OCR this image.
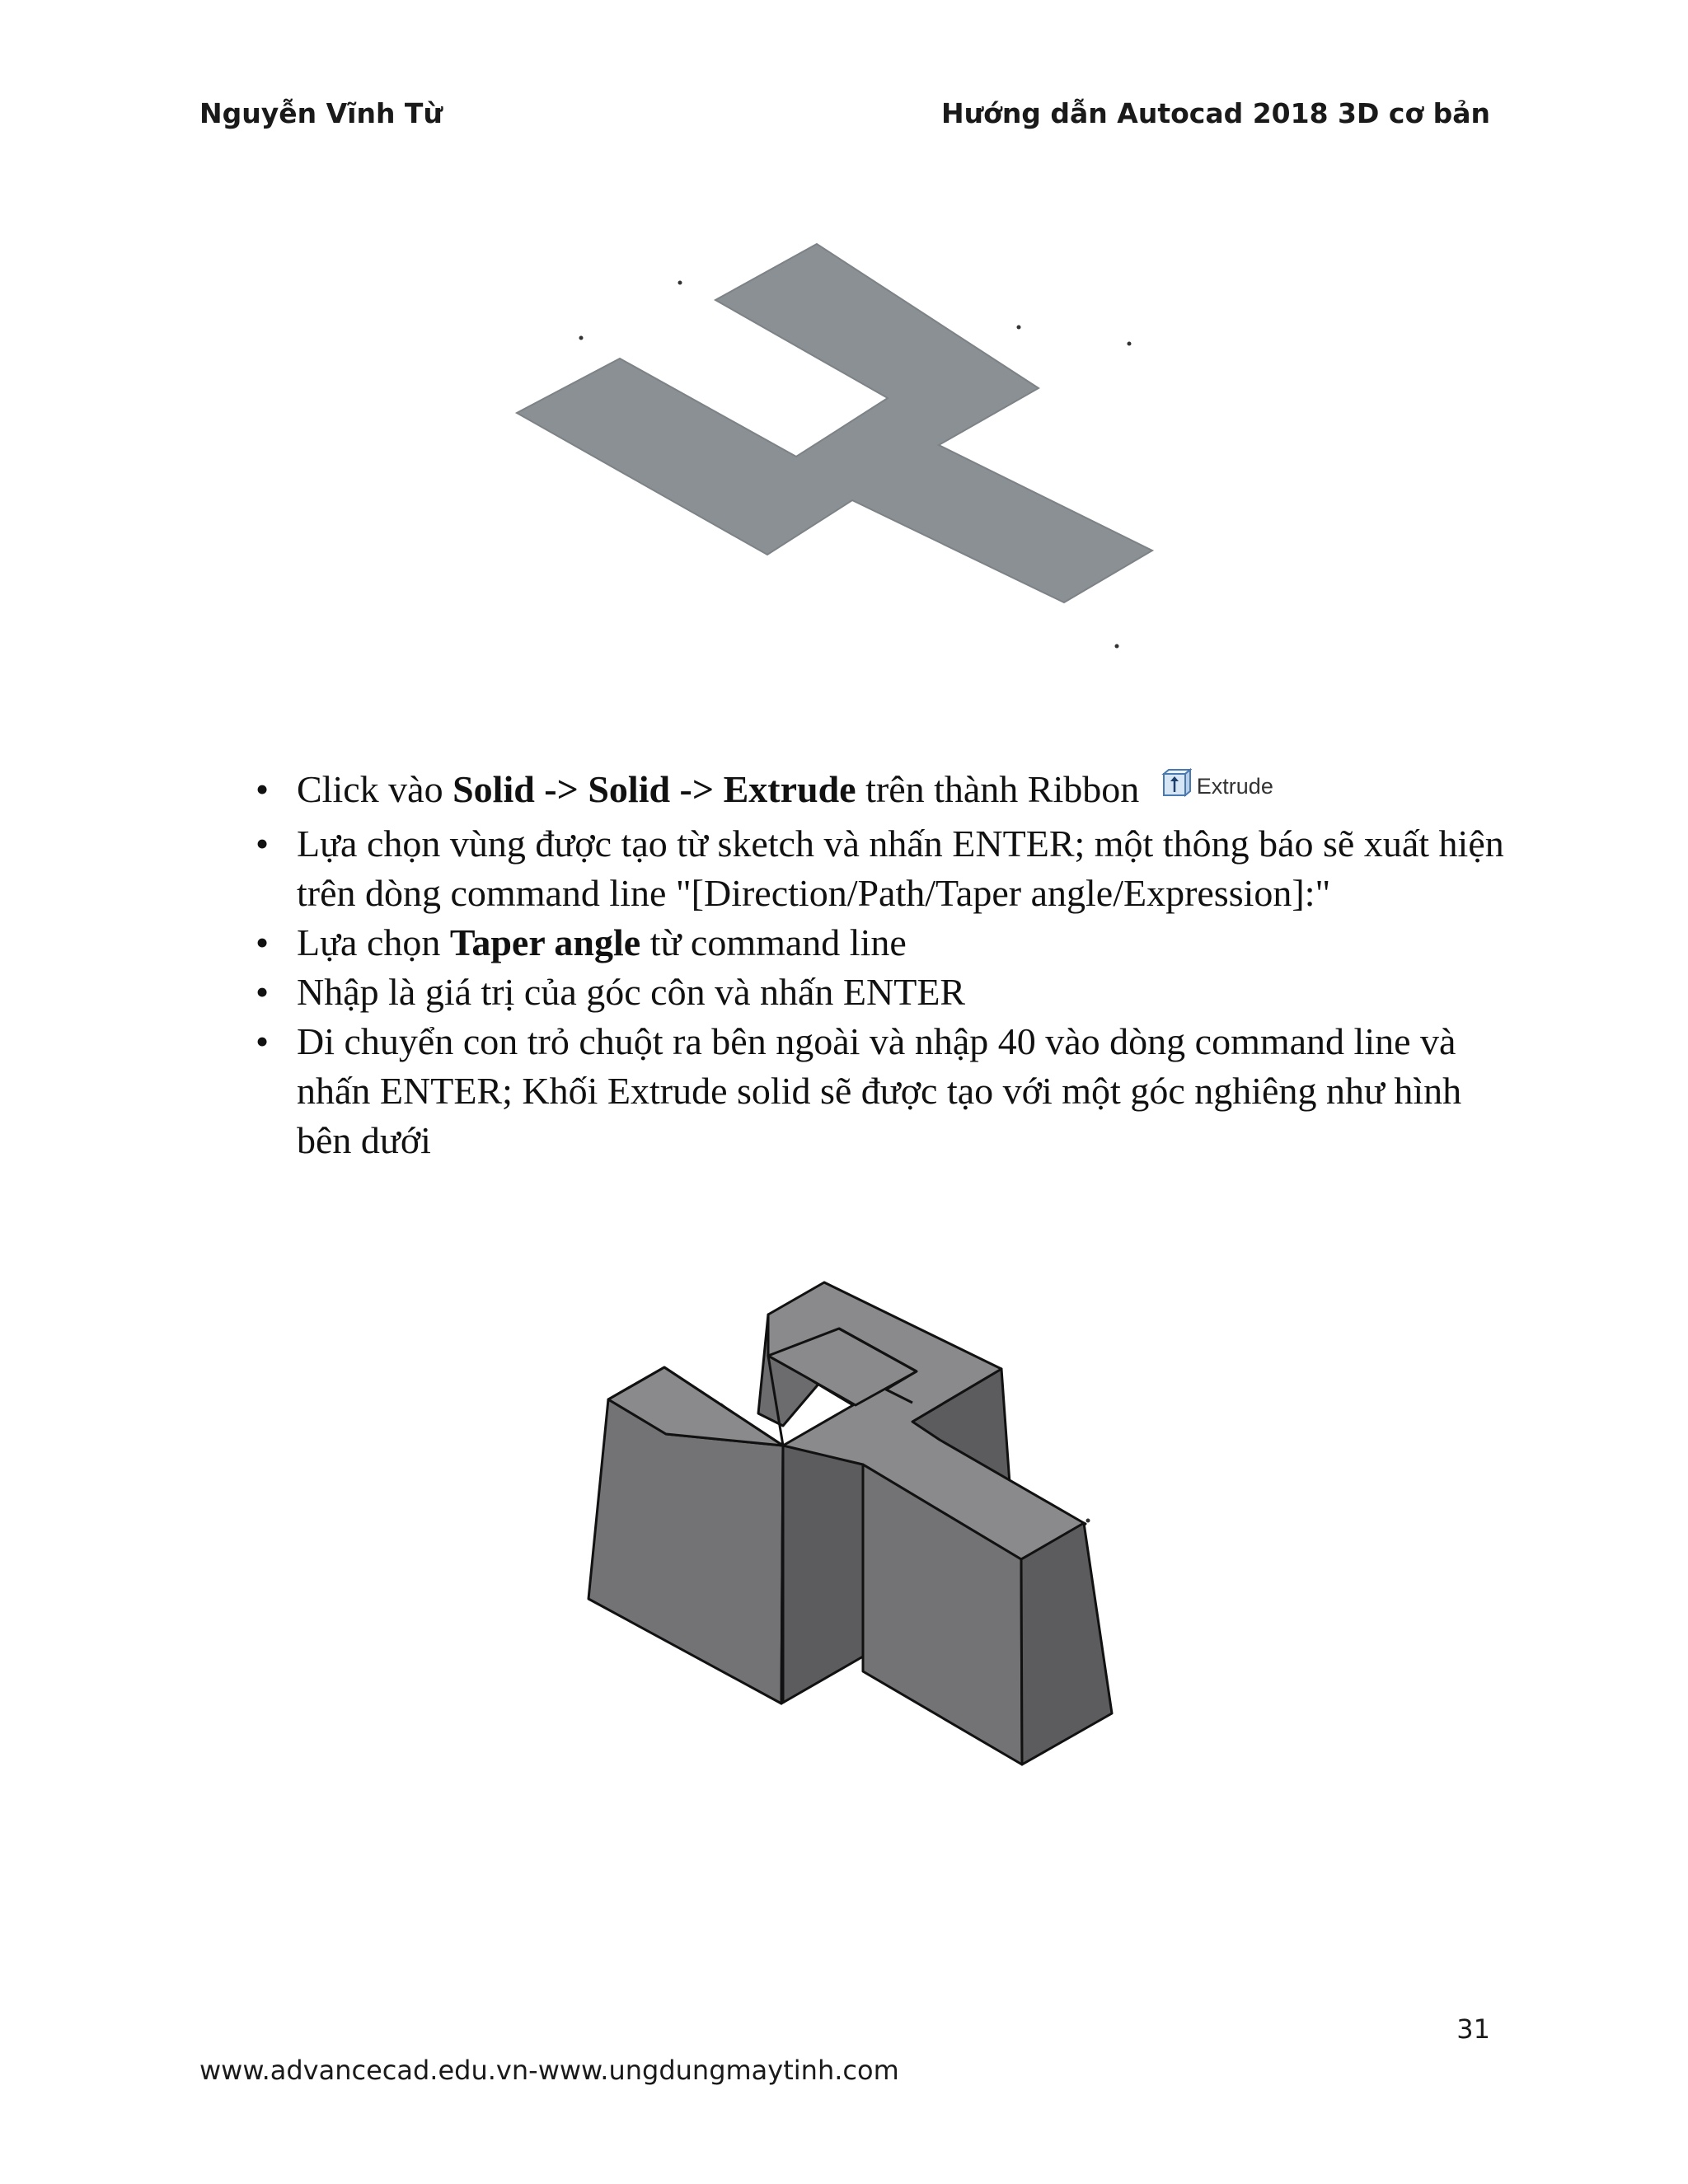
Nguyễn Vĩnh Từ	Hướng dẫn Autocad 2018 3D cơ bản
• Click vào Solid -> Solid -> Extrude trên thành Ribbon	Extrude
• Lựa chọn vùng được tạo từ sketch và nhấn ENTER; một thông báo sẽ xuất hiện trên dòng command line "[Direction/Path/Taper angle/Expression]:"
• Lựa chọn Taper angle từ command line
• Nhập là giá trị của góc côn và nhấn ENTER
• Di chuyển con trỏ chuột ra bên ngoài và nhập 40 vào dòng command line và nhấn ENTER; Khối Extrude solid sẽ được tạo với một góc nghiêng như hình bên dưới
31
www.advancecad.edu.vn-www.ungdungmaytinh.com
